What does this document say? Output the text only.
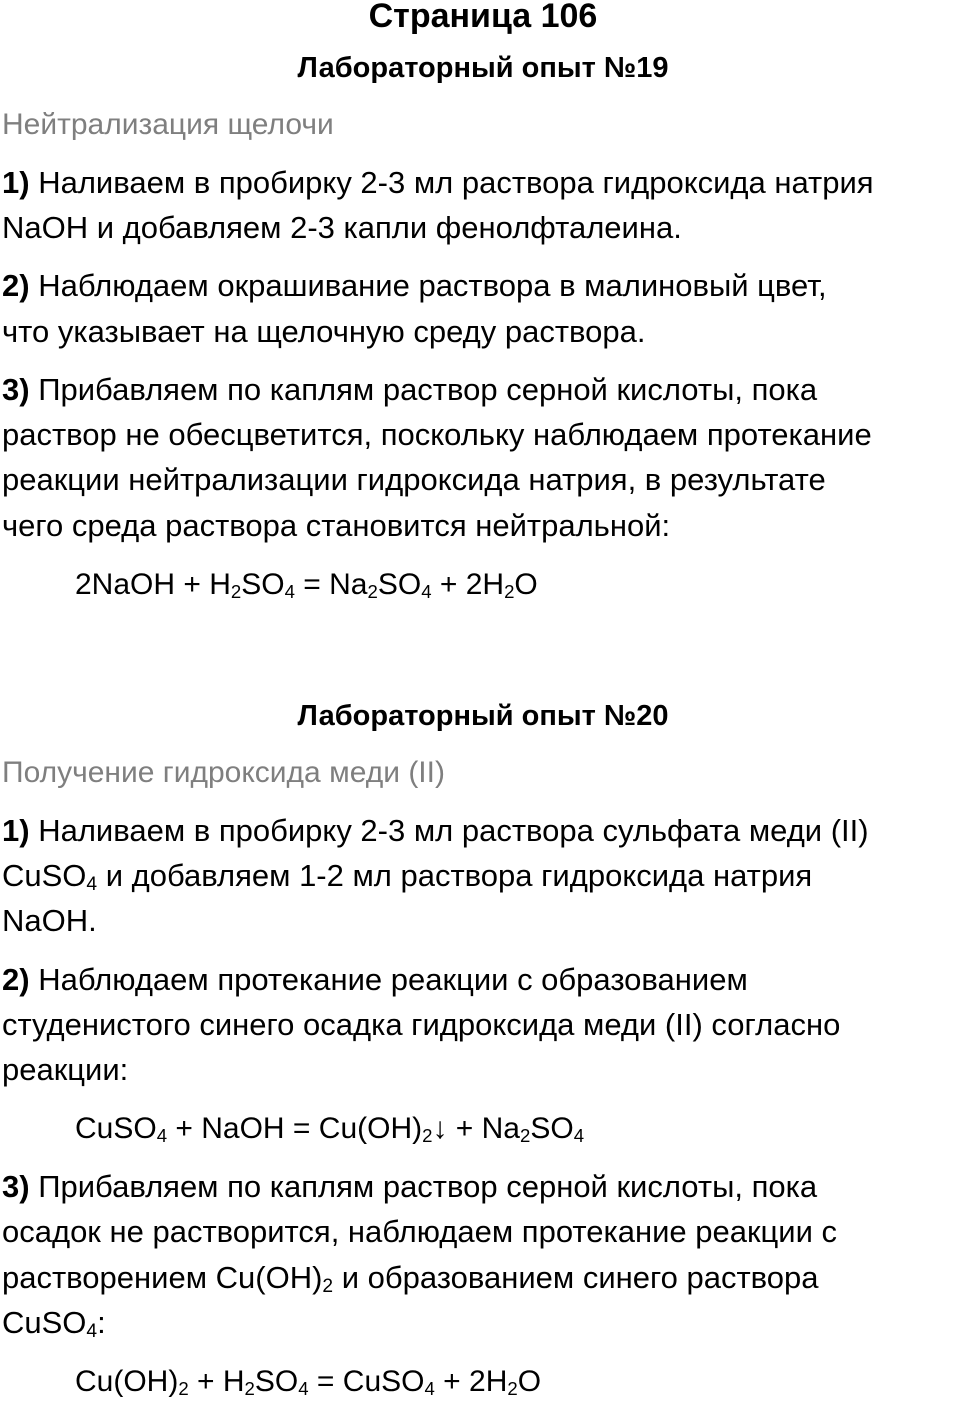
Страница 106
Лабораторный опыт №19
Нейтрализация щелочи
1) Наливаем в пробирку 2-3 мл раствора гидроксида натрия
NaOH и добавляем 2-3 капли фенолфталеина.
2) Наблюдаем окрашивание раствора в малиновый цвет,
что указывает на щелочную среду раствора.
3) Прибавляем по каплям раствор серной кислоты, пока
раствор не обесцветится, поскольку наблюдаем протекание
реакции нейтрализации гидроксида натрия, в результате
чего среда раствора становится нейтральной:
2NaOH + $H_2SO_4 = Na_2SO_4 + 2H_2O$
Лабораторный опыт №20
Получение гидроксида меди (II)
1) Наливаем в пробирку 2-3 мл раствора сульфата меди (II)
CuSO$_4$ и добавляем 1-2 мл раствора гидроксида натрия
NaOH.
2) Наблюдаем протекание реакции с образованием
студенистого синего осадка гидроксида меди (II) согласно
реакции:
CuSO$_4$ + NaOH = $Cu(OH)_2↓ + Na_2SO_4$
3) Прибавляем по каплям раствор серной кислоты, пока
осадок не растворится, наблюдаем протекание реакции с
растворением $Cu(OH)_2$ и образованием синего раствора
CuSO$_4$:
$Cu(OH)_2 + H_2SO_4$ = CuSO$_4$ + $2H_2O$
